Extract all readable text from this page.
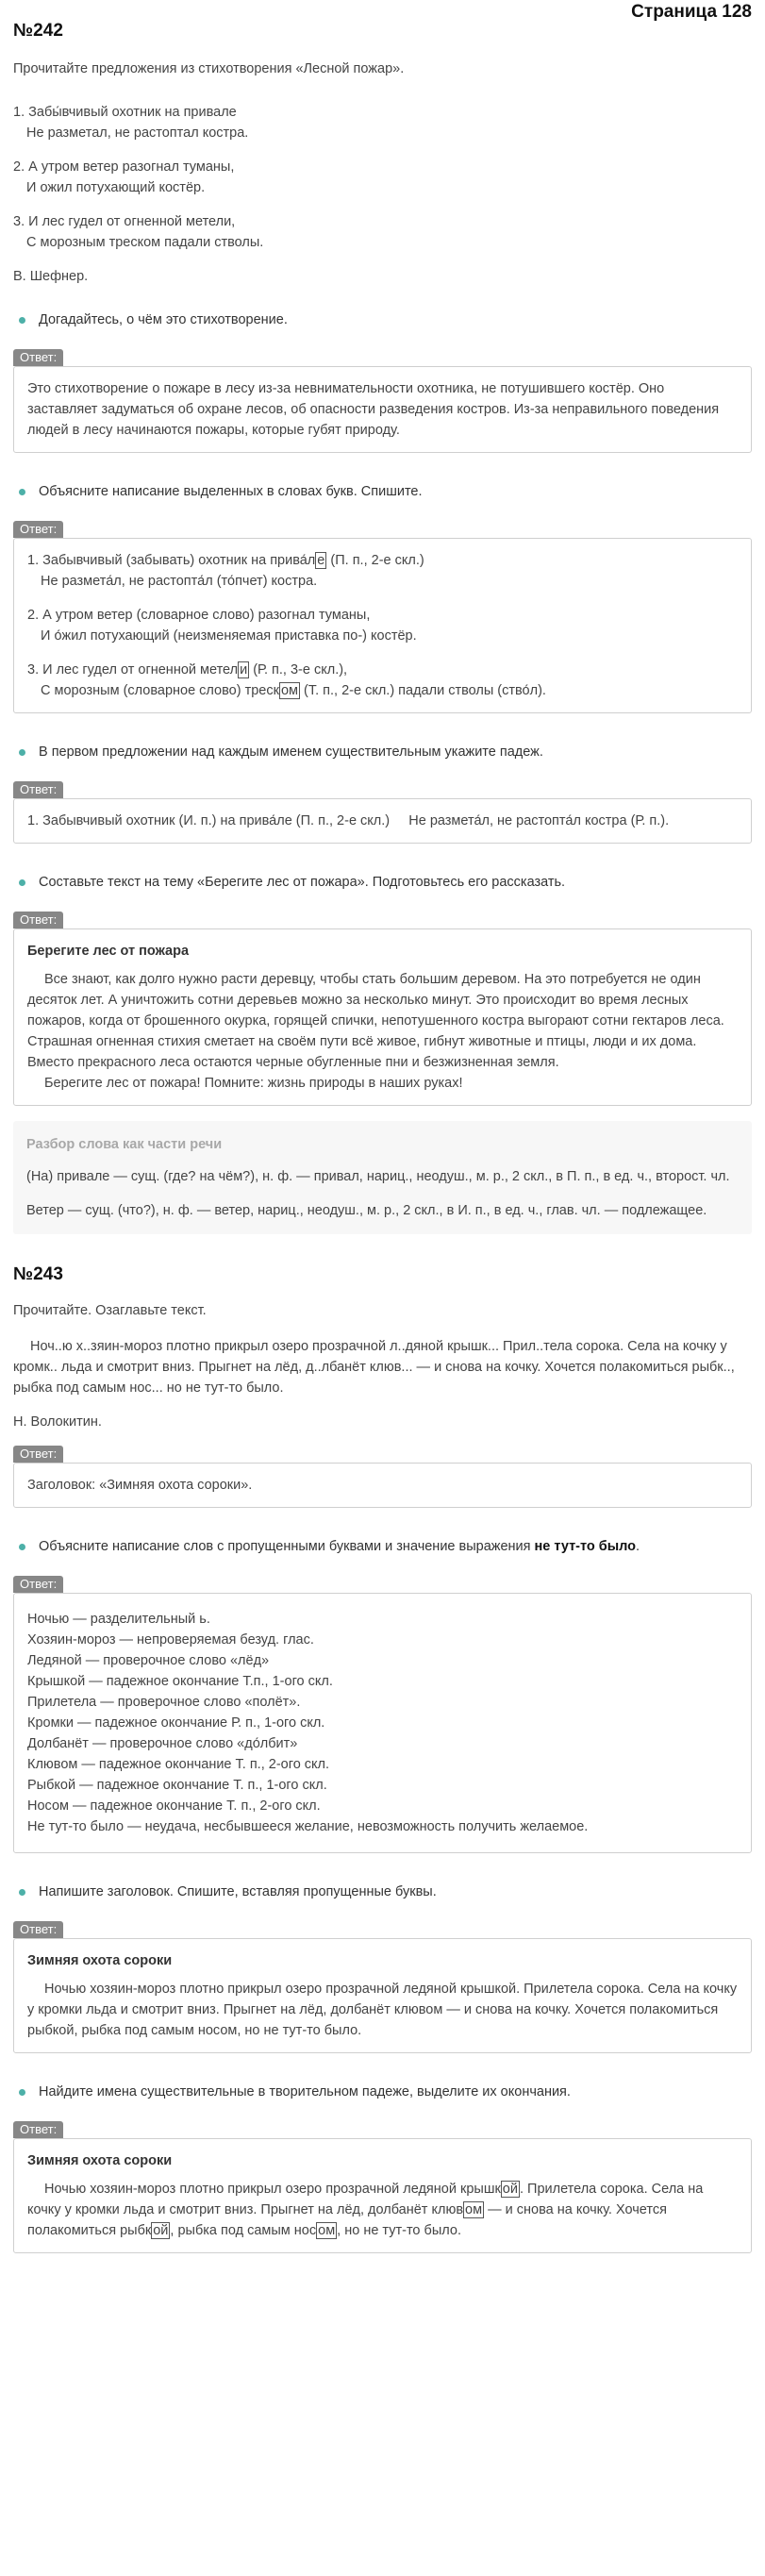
Страница 128
№242

Прочитайте предложения из стихотворения «Лесной пожар».

1. Забы́вчивый охотник на привале
Не разметал, не растоптал костра.
2. А утром ветер разогнал туманы,
И ожил потухающий костёр.
3. И лес гудел от огненной метели,
С морозным треском падали стволы.
В. Шефнер.
Догадайтесь, о чём это стихотворение.
Ответ:

Это стихотворение о пожаре в лесу из-за невнимательности охотника, не потушившего костёр. Оно заставляет задуматься об охране лесов, об опасности разведения костров. Из-за неправильного поведения людей в лесу начинаются пожары, которые губят природу.

Объясните написание выделенных в словах букв. Спишите.
Ответ:
1. Забывчивый (забывать) охотник на прива́л е (П. п., 2-е скл.)
Не размета́л, не растопта́л (то́пчет) костра.
2. А утром ветер (словарное слово) разогнал туманы,
И о́жил потухающий (неизменяемая приставка по-) костёр.
3. И лес гудел от огненной метел и (Р. п., 3-е скл.),
С морозным (словарное слово) треск ом (Т. п., 2-е скл.) падали стволы (ство́л).
В первом предложении над каждым именем существительным укажите падеж.
Ответ:

1. Забывчивый охотник (И. п.) на прива́ле (П. п., 2-е скл.)     Не размета́л, не растопта́л костра (Р. п.).

Составьте текст на тему «Берегите лес от пожара». Подготовьтесь его рассказать.
Ответ:
Берегите лес от пожара

Все знают, как долго нужно расти деревцу, чтобы стать большим деревом. На это потребуется не один десяток лет. А уничтожить сотни деревьев можно за несколько минут. Это происходит во время лесных пожаров, когда от брошенного окурка, горящей спички, непотушенного костра выгорают сотни гектаров леса. Страшная огненная стихия сметает на своём пути всё живое, гибнут животные и птицы, люди и их дома. Вместо прекрасного леса остаются черные обугленные пни и безжизненная земля.

Берегите лес от пожара! Помните: жизнь природы в наших руках!

Разбор слова как части речи

(На) привале — сущ. (где? на чём?), н. ф. — привал, нариц., неодуш., м. р., 2 скл., в П. п., в ед. ч., второст. чл.

Ветер — сущ. (что?), н. ф. — ветер, нариц., неодуш., м. р., 2 скл., в И. п., в ед. ч., глав. чл. — подлежащее.

№243

Прочитайте. Озаглавьте текст.

Ноч..ю х..зяин-мороз плотно прикрыл озеро прозрачной л..дяной крышк... Прил..тела сорока. Села на кочку у кромк.. льда и смотрит вниз. Прыгнет на лёд, д..лбанёт клюв... — и снова на кочку. Хочется полакомиться рыбк.., рыбка под самым нос... но не тут-то было.

Н. Волокитин.

Ответ:

Заголовок: «Зимняя охота сороки».

Объясните написание слов с пропущенными буквами и значение выражения не тут-то было.
Ответ:
Ночью — разделительный ь.
Хозяин-мороз — непроверяемая безуд. глас.
Ледяной — проверочное слово «лёд»
Крышкой — падежное окончание Т.п., 1-ого скл.
Прилетела — проверочное слово «полёт».
Кромки — падежное окончание Р. п., 1-ого скл.
Долбанёт — проверочное слово «до́лбит»
Клювом — падежное окончание Т. п., 2-ого скл.
Рыбкой — падежное окончание Т. п., 1-ого скл.
Носом — падежное окончание Т. п., 2-ого скл.
Не тут-то было — неудача, несбывшееся желание, невозможность получить желаемое.
Напишите заголовок. Спишите, вставляя пропущенные буквы.
Ответ:
Зимняя охота сороки

Ночью хозяин-мороз плотно прикрыл озеро прозрачной ледяной крышкой. Прилетела сорока. Села на кочку у кромки льда и смотрит вниз. Прыгнет на лёд, долбанёт клювом — и снова на кочку. Хочется полакомиться рыбкой, рыбка под самым носом, но не тут-то было.

Найдите имена существительные в творительном падеже, выделите их окончания.
Ответ:
Зимняя охота сороки

Ночью хозяин-мороз плотно прикрыл озеро прозрачной ледяной крышк ой . Прилетела сорока. Села на кочку у кромки льда и смотрит вниз. Прыгнет на лёд, долбанёт клюв ом — и снова на кочку. Хочется полакомиться рыбк ой , рыбка под самым нос ом , но не тут-то было.
